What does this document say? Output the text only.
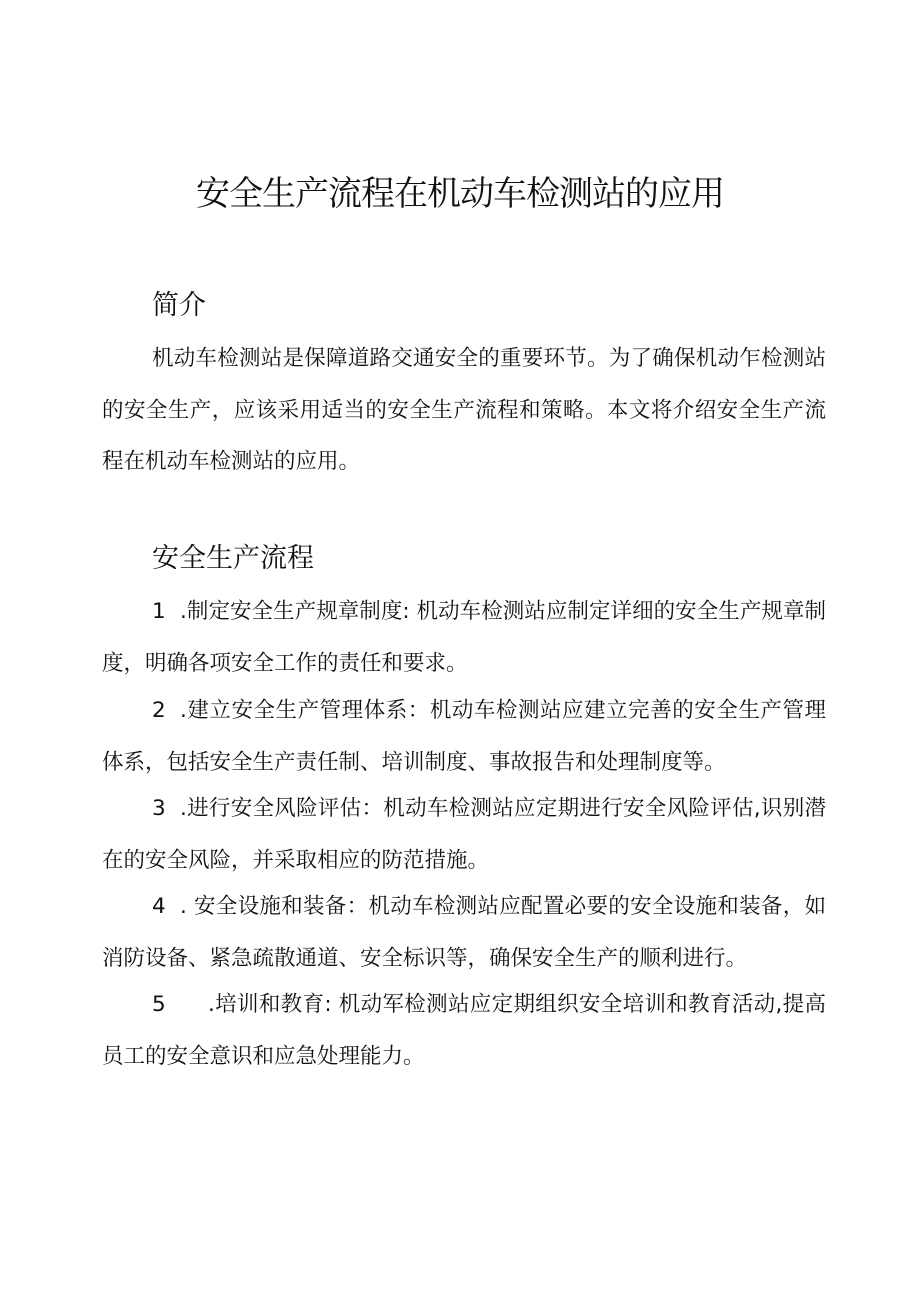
安全生产流程在机动车检测站的应用
简介

机动车检测站是保障道路交通安全的重要环节。为了确保机动乍检测站的安全生产，应该采用适当的安全生产流程和策略。本文将介绍安全生产流程在机动车检测站的应用。

安全生产流程

1 .制定安全生产规章制度: 机动车检测站应制定详细的安全生产规章制度，明确各项安全工作的责任和要求。

2 .建立安全生产管理体系：机动车检测站应建立完善的安全生产管理体系，包括安全生产责任制、培训制度、事故报告和处理制度等。

3 .进行安全风险评估：机动车检测站应定期进行安全风险评估,识别潜在的安全风险，并采取相应的防范措施。

4 . 安全设施和装备：机动车检测站应配置必要的安全设施和装备，如消防设备、紧急疏散通道、安全标识等，确保安全生产的顺利进行。

5 .培训和教育: 机动军检测站应定期组织安全培训和教育活动,提高员工的安全意识和应急处理能力。
